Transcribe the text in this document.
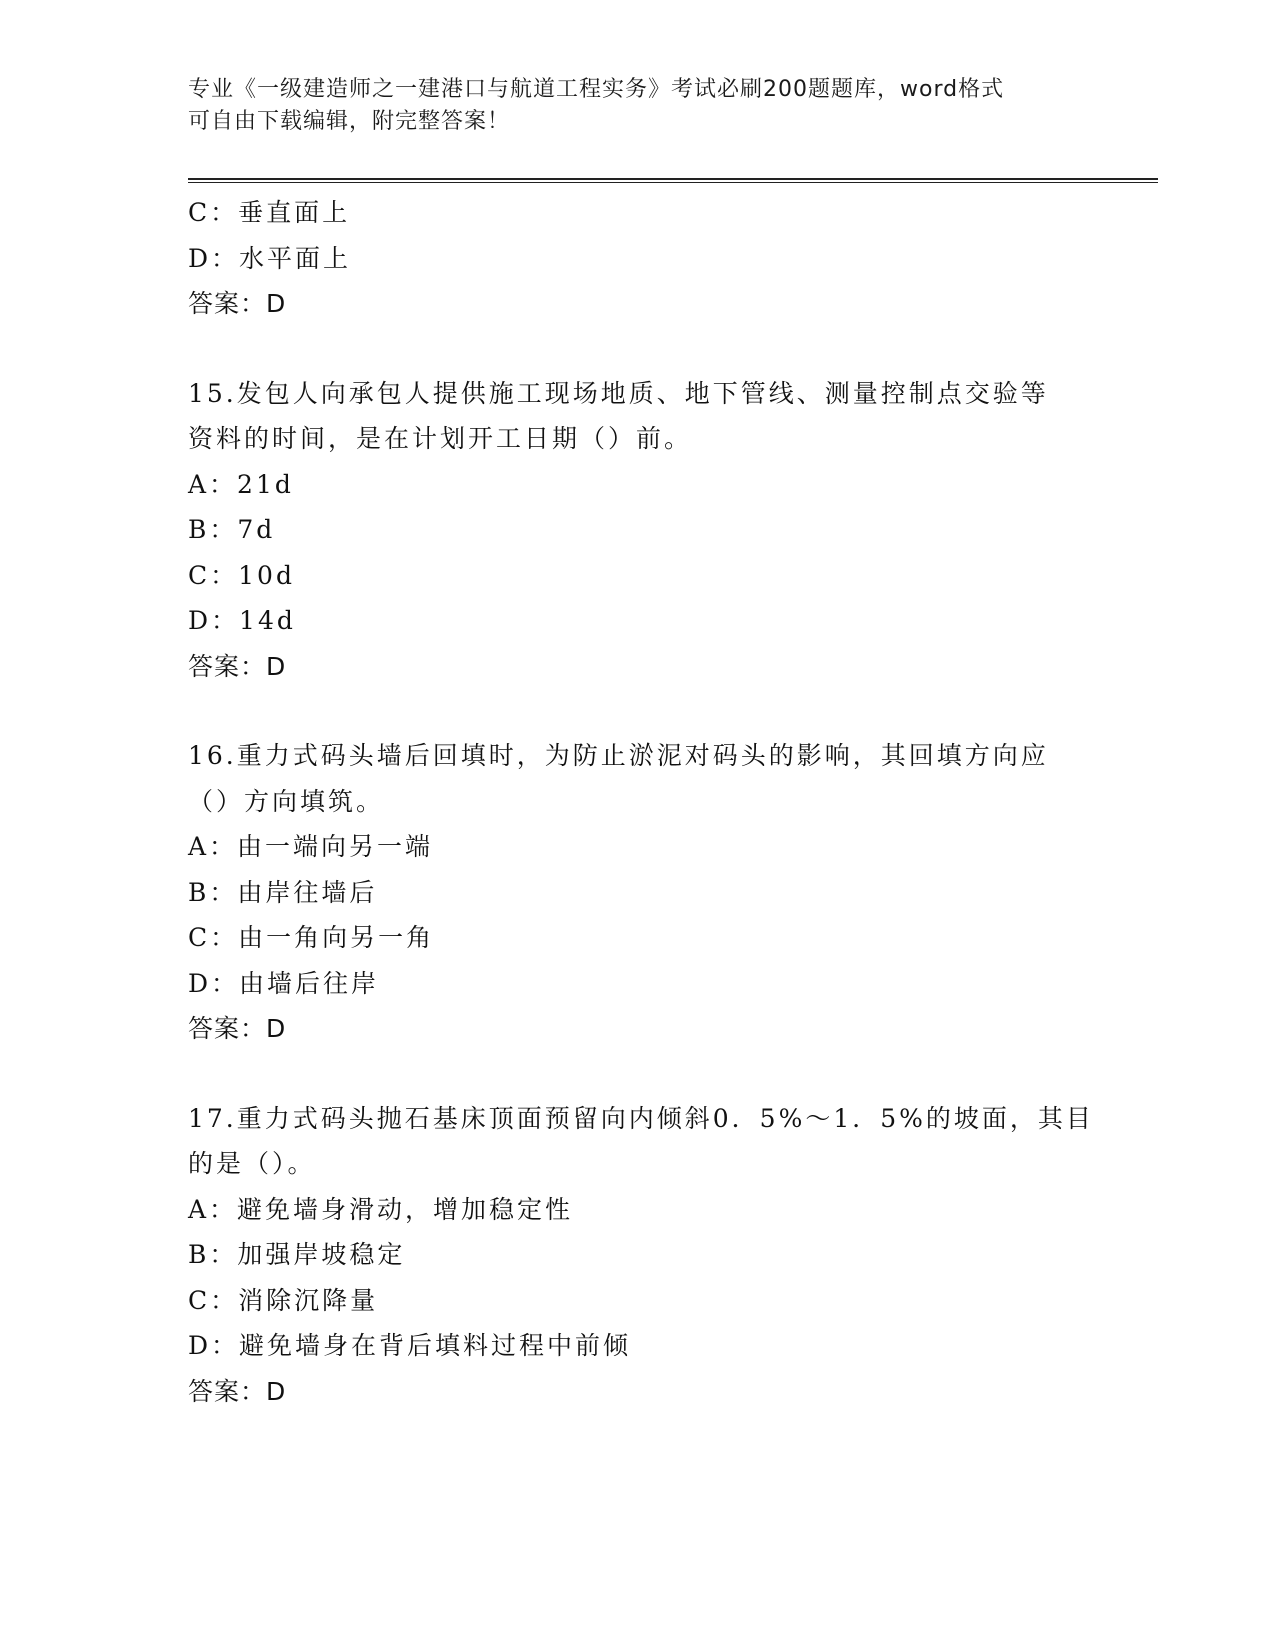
专业《一级建造师之一建港口与航道工程实务》考试必刷200题题库，word格式
可自由下载编辑，附完整答案！
C：垂直面上
D：水平面上
答案：D
15.发包人向承包人提供施工现场地质、地下管线、测量控制点交验等
资料的时间，是在计划开工日期（）前。
A：21d
B：7d
C：10d
D：14d
答案：D
16.重力式码头墙后回填时，为防止淤泥对码头的影响，其回填方向应
（）方向填筑。
A：由一端向另一端
B：由岸往墙后
C：由一角向另一角
D：由墙后往岸
答案：D
17.重力式码头抛石基床顶面预留向内倾斜0．5%～1．5%的坡面，其目
的是（）。
A：避免墙身滑动，增加稳定性
B：加强岸坡稳定
C：消除沉降量
D：避免墙身在背后填料过程中前倾
答案：D
